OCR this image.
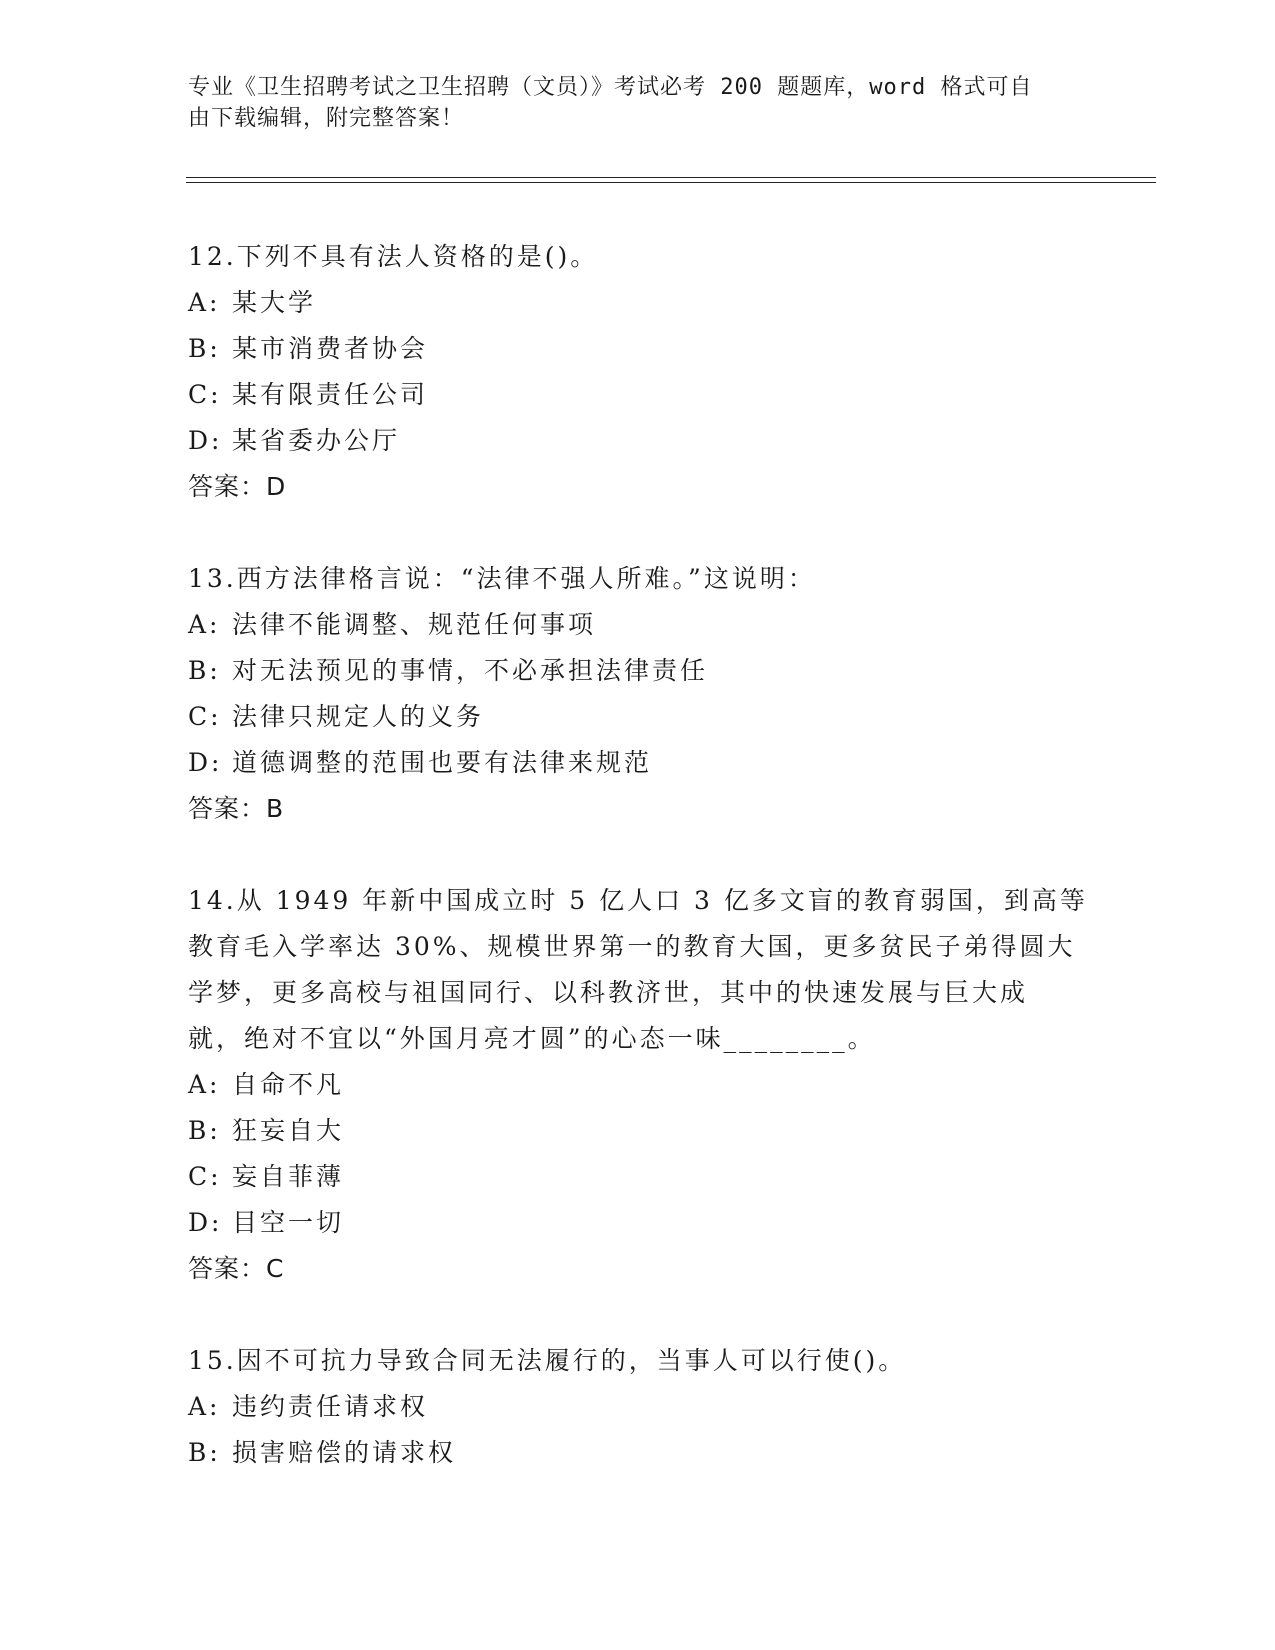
专业《卫生招聘考试之卫生招聘（文员）》考试必考 200 题题库，word 格式可自
由下载编辑，附完整答案！
12.下列不具有法人资格的是()。
A: 某大学
B: 某市消费者协会
C: 某有限责任公司
D: 某省委办公厅
答案：D
13.西方法律格言说：“法律不强人所难。”这说明：
A: 法律不能调整、规范任何事项
B: 对无法预见的事情，不必承担法律责任
C: 法律只规定人的义务
D: 道德调整的范围也要有法律来规范
答案：B
14.从 1949 年新中国成立时 5 亿人口 3 亿多文盲的教育弱国，到高等
教育毛入学率达 30%、规模世界第一的教育大国，更多贫民子弟得圆大
学梦，更多高校与祖国同行、以科教济世，其中的快速发展与巨大成
就，绝对不宜以“外国月亮才圆”的心态一味________。
A: 自命不凡
B: 狂妄自大
C: 妄自菲薄
D: 目空一切
答案：C
15.因不可抗力导致合同无法履行的，当事人可以行使()。
A: 违约责任请求权
B: 损害赔偿的请求权
